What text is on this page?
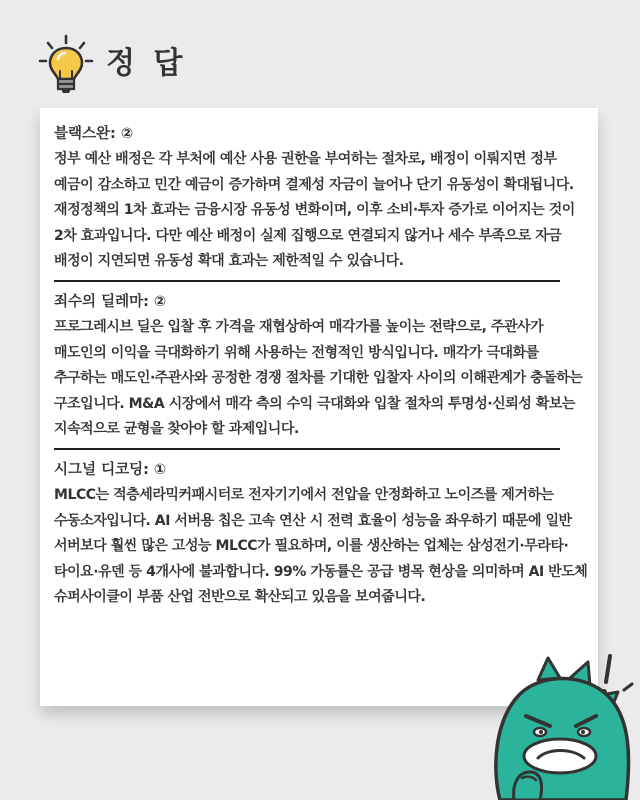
정 답
블랙스완: ②
정부 예산 배정은 각 부처에 예산 사용 권한을 부여하는 절차로, 배정이 이뤄지면 정부 예금이 감소하고 민간 예금이 증가하며 결제성 자금이 늘어나 단기 유동성이 확대됩니다. 재정정책의 1차 효과는 금융시장 유동성 변화이며, 이후 소비·투자 증가로 이어지는 것이 2차 효과입니다. 다만 예산 배정이 실제 집행으로 연결되지 않거나 세수 부족으로 자금 배정이 지연되면 유동성 확대 효과는 제한적일 수 있습니다.
죄수의 딜레마: ②
프로그레시브 딜은 입찰 후 가격을 재협상하여 매각가를 높이는 전략으로, 주관사가 매도인의 이익을 극대화하기 위해 사용하는 전형적인 방식입니다. 매각가 극대화를 추구하는 매도인·주관사와 공정한 경쟁 절차를 기대한 입찰자 사이의 이해관계가 충돌하는 구조입니다. M&A 시장에서 매각 측의 수익 극대화와 입찰 절차의 투명성·신뢰성 확보는 지속적으로 균형을 찾아야 할 과제입니다.
시그널 디코딩: ①
MLCC는 적층세라믹커패시터로 전자기기에서 전압을 안정화하고 노이즈를 제거하는 수동소자입니다. AI 서버용 칩은 고속 연산 시 전력 효율이 성능을 좌우하기 때문에 일반 서버보다 훨씬 많은 고성능 MLCC가 필요하며, 이를 생산하는 업체는 삼성전기·무라타·타이요·유덴 등 4개사에 불과합니다. 99% 가동률은 공급 병목 현상을 의미하며 AI 반도체 슈퍼사이클이 부품 산업 전반으로 확산되고 있음을 보여줍니다.
